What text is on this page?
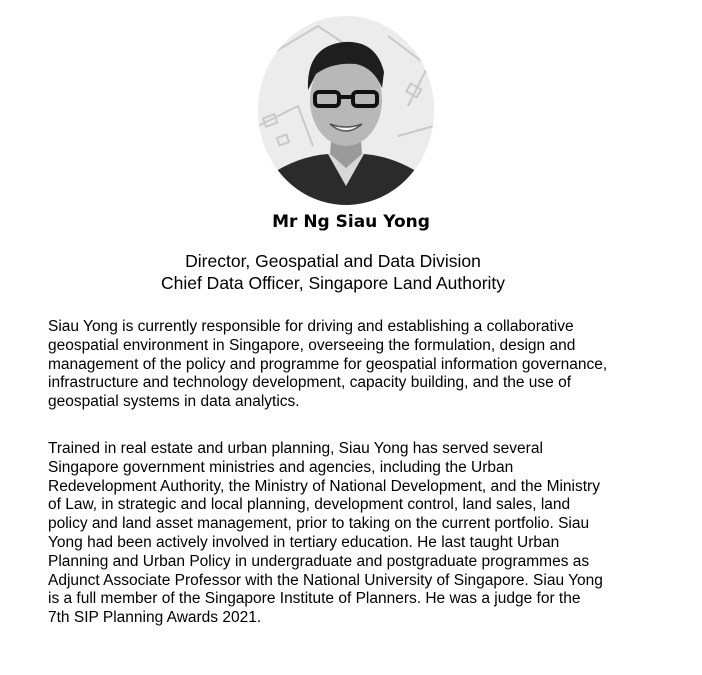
Mr Ng Siau Yong
Director, Geospatial and Data Division
Chief Data Officer, Singapore Land Authority
Siau Yong is currently responsible for driving and establishing a collaborative
geospatial environment in Singapore, overseeing the formulation, design and
management of the policy and programme for geospatial information governance,
infrastructure and technology development, capacity building, and the use of
geospatial systems in data analytics.
Trained in real estate and urban planning, Siau Yong has served several
Singapore government ministries and agencies, including the Urban
Redevelopment Authority, the Ministry of National Development, and the Ministry
of Law, in strategic and local planning, development control, land sales, land
policy and land asset management, prior to taking on the current portfolio. Siau
Yong had been actively involved in tertiary education. He last taught Urban
Planning and Urban Policy in undergraduate and postgraduate programmes as
Adjunct Associate Professor with the National University of Singapore. Siau Yong
is a full member of the Singapore Institute of Planners. He was a judge for the
7th SIP Planning Awards 2021.
